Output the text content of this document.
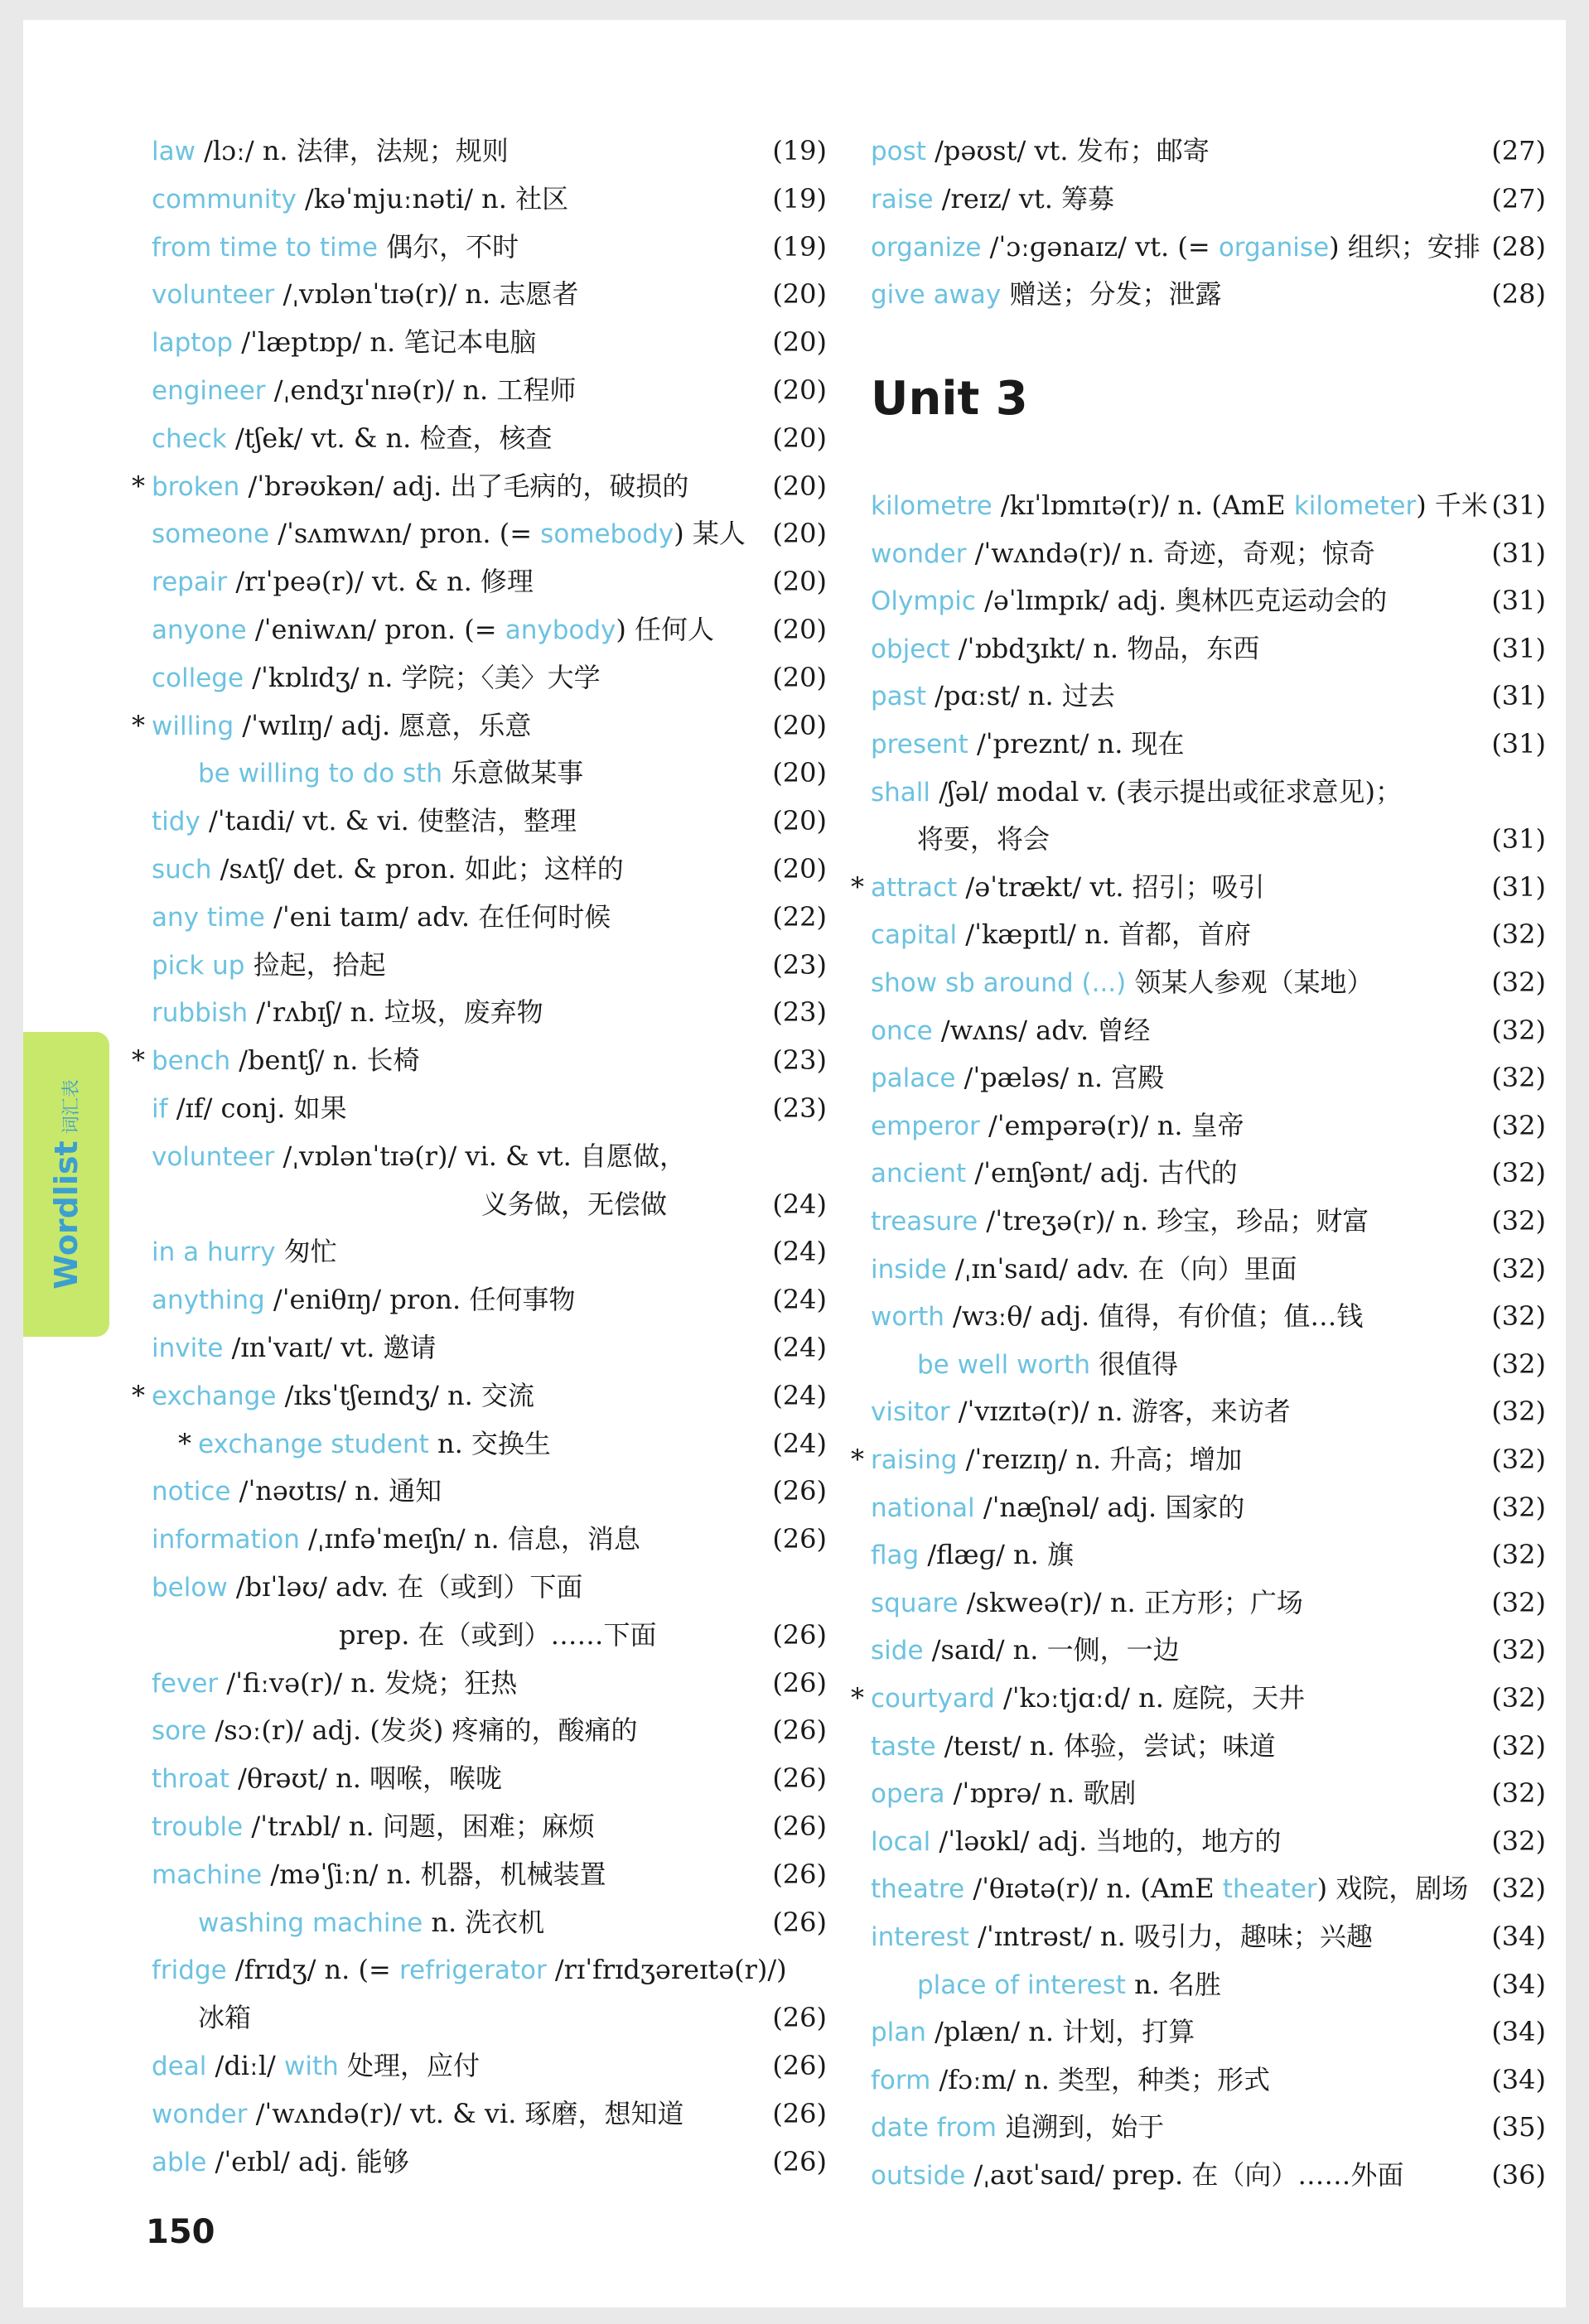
law /lɔː/ n. 法律，法规；规则	(19)
community /kəˈmjuːnəti/ n. 社区	(19)
from time to time 偶尔，不时	(19)
volunteer /ˌvɒlənˈtɪə(r)/ n. 志愿者	(20)
laptop /ˈlæptɒp/ n. 笔记本电脑	(20)
engineer /ˌendʒɪˈnɪə(r)/ n. 工程师	(20)
check /tʃek/ vt. & n. 检查，核查	(20)
* broken /ˈbrəʊkən/ adj. 出了毛病的，破损的	(20)
someone /ˈsʌmwʌn/ pron. (= somebody) 某人 (20)
repair /rɪˈpeə(r)/ vt. & n. 修理	(20)
anyone /ˈeniwʌn/ pron. (= anybody) 任何人 (20)
college /ˈkɒlɪdʒ/ n. 学院；〈美〉大学	(20)
* willing /ˈwɪlɪŋ/ adj. 愿意，乐意	(20)
be willing to do sth 乐意做某事	(20)
tidy /ˈtaɪdi/ vt. & vi. 使整洁，整理	(20)
such /sʌtʃ/ det. & pron. 如此；这样的	(20)
any time /ˈeni taɪm/ adv. 在任何时候	(22)
pick up 捡起，拾起	(23)
rubbish /ˈrʌbɪʃ/ n. 垃圾，废弃物	(23)
* bench /bentʃ/ n. 长椅	(23)
if /ɪf/ conj. 如果	(23)
volunteer /ˌvɒlənˈtɪə(r)/ vi. & vt. 自愿做，
义务做，无偿做	(24)
in a hurry 匆忙	(24)
anything /ˈeniθɪŋ/ pron. 任何事物	(24)
invite /ɪnˈvaɪt/ vt. 邀请	(24)
* exchange /ɪksˈtʃeɪndʒ/ n. 交流	(24)
* exchange student n. 交换生	(24)
notice /ˈnəʊtɪs/ n. 通知	(26)
information /ˌɪnfəˈmeɪʃn/ n. 信息，消息	(26)
below /bɪˈləʊ/ adv. 在（或到）下面
prep. 在（或到）……下面	(26)
fever /ˈfiːvə(r)/ n. 发烧；狂热	(26)
sore /sɔː(r)/ adj. (发炎) 疼痛的，酸痛的	(26)
throat /θrəʊt/ n. 咽喉，喉咙	(26)
trouble /ˈtrʌbl/ n. 问题，困难；麻烦	(26)
machine /məˈʃiːn/ n. 机器，机械装置	(26)
washing machine n. 洗衣机	(26)
fridge /frɪdʒ/ n. (= refrigerator /rɪˈfrɪdʒəreɪtə(r)/)
冰箱	(26)
deal /diːl/ with 处理，应付	(26)
wonder /ˈwʌndə(r)/ vt. & vi. 琢磨，想知道	(26)
able /ˈeɪbl/ adj. 能够	(26)
post /pəʊst/ vt. 发布；邮寄	(27)
raise /reɪz/ vt. 筹募	(27)
organize /ˈɔːɡənaɪz/ vt. (= organise) 组织；安排 (28)
give away 赠送；分发；泄露	(28)
Unit 3
kilometre /kɪˈlɒmɪtə(r)/ n. (AmE kilometer) 千米 (31)
wonder /ˈwʌndə(r)/ n. 奇迹，奇观；惊奇	(31)
Olympic /əˈlɪmpɪk/ adj. 奥林匹克运动会的	(31)
object /ˈɒbdʒɪkt/ n. 物品，东西	(31)
past /pɑːst/ n. 过去	(31)
present /ˈpreznt/ n. 现在	(31)
shall /ʃəl/ modal v. (表示提出或征求意见)；
将要，将会	(31)
* attract /əˈtrækt/ vt. 招引；吸引	(31)
capital /ˈkæpɪtl/ n. 首都，首府	(32)
show sb around (...) 领某人参观（某地）	(32)
once /wʌns/ adv. 曾经	(32)
palace /ˈpæləs/ n. 宫殿	(32)
emperor /ˈempərə(r)/ n. 皇帝	(32)
ancient /ˈeɪnʃənt/ adj. 古代的	(32)
treasure /ˈtreʒə(r)/ n. 珍宝，珍品；财富	(32)
inside /ˌɪnˈsaɪd/ adv. 在（向）里面	(32)
worth /wɜːθ/ adj. 值得，有价值；值…钱	(32)
be well worth 很值得	(32)
visitor /ˈvɪzɪtə(r)/ n. 游客，来访者	(32)
* raising /ˈreɪzɪŋ/ n. 升高；增加	(32)
national /ˈnæʃnəl/ adj. 国家的	(32)
flag /flæɡ/ n. 旗	(32)
square /skweə(r)/ n. 正方形；广场	(32)
side /saɪd/ n. 一侧，一边	(32)
* courtyard /ˈkɔːtjɑːd/ n. 庭院，天井	(32)
taste /teɪst/ n. 体验，尝试；味道	(32)
opera /ˈɒprə/ n. 歌剧	(32)
local /ˈləʊkl/ adj. 当地的，地方的	(32)
theatre /ˈθɪətə(r)/ n. (AmE theater) 戏院，剧场 (32)
interest /ˈɪntrəst/ n. 吸引力，趣味；兴趣	(34)
place of interest n. 名胜	(34)
plan /plæn/ n. 计划，打算	(34)
form /fɔːm/ n. 类型，种类；形式	(34)
date from 追溯到，始于	(35)
outside /ˌaʊtˈsaɪd/ prep. 在（向）……外面	(36)
Wordlist词汇表
150
